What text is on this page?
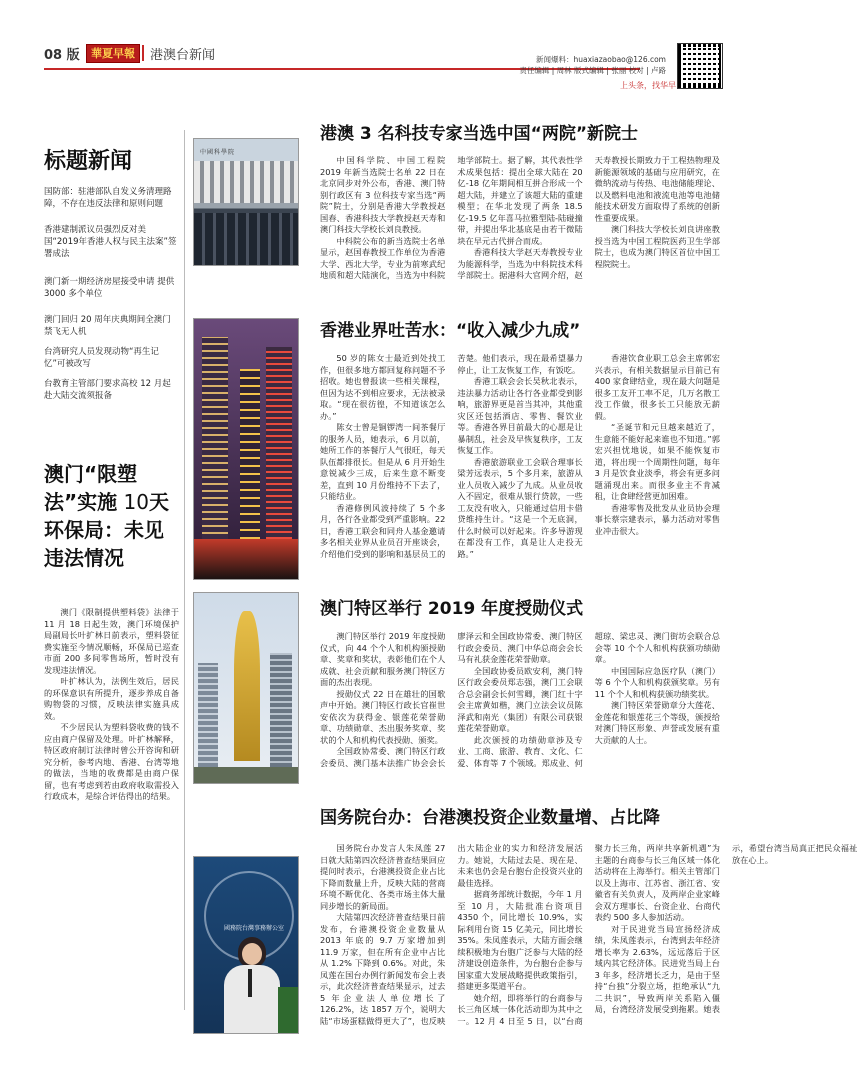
08 版	華夏早報	港澳台新闻	新闻爆料：huaxiazaobao@126.com
责任编辑 | 周林 版式编辑 | 张丽 校对 | 卢路
上头条，找华早
标题新闻
国防部：驻港部队自发义务清理路障，不存在违反法律和原则问题
香港建制派议员强烈反对美国“2019年香港人权与民主法案”签署成法
澳门新一期经济房屋接受申请 提供 3000 多个单位
澳门回归 20 周年庆典期间全澳门禁飞无人机
台湾研究人员发现动物“再生记忆”可被改写
台教育主管部门要求高校 12 月起赴大陆交流须报备
澳门“限塑法”实施 10天 环保局：未见违法情况

澳门《限制提供塑料袋》法律于 11 月 18 日起生效，澳门环境保护局副局长叶扩林日前表示，塑料袋征费实施至今情况顺畅，环保局已巡查市面 200 多间零售场所，暂时没有发现违法情况。

叶扩林认为，法例生效后，居民的环保意识有所提升，逐步养成自备购物袋的习惯，反映法律实施具成效。

不少居民认为塑料袋收费的钱不应由商户保留及处理。叶扩林解释，特区政府制订法律时曾公开咨询和研究分析，参考内地、香港、台湾等地的做法，当地的收费都是由商户保留，也有考虑到若由政府收取需投入行政成本，是综合评估得出的结果。

中國科學院
港澳 3 名科技专家当选中国“两院”新院士

中国科学院、中国工程院 2019 年新当选院士名单 22 日在北京同步对外公布，香港、澳门特别行政区有 3 位科技专家当选“两院”院士，分别是香港大学教授赵国春、香港科技大学教授赵天寿和澳门科技大学校长刘良教授。

中科院公布的新当选院士名单显示，赵国春教授工作单位为香港大学、西北大学，专业为前寒武纪地质和超大陆演化，当选为中科院地学部院士。据了解，其代表性学术成果包括：提出全球大陆在 20 亿-18 亿年期间相互拼合形成一个超大陆，并建立了该超大陆的重建模型；在华北发现了两条 18.5 亿-19.5 亿年喜马拉雅型陆-陆碰撞带，并提出华北基底是由若干微陆块在早元古代拼合而成。

香港科技大学赵天寿教授专业为能源科学，当选为中科院技术科学部院士。据港科大官网介绍，赵天寿教授长期致力于工程热物理及新能源领域的基础与应用研究，在微纳流动与传热、电池储能理论、以及燃料电池和液流电池等电池储能技术研发方面取得了系统的创新性重要成果。

澳门科技大学校长刘良讲座教授当选为中国工程院医药卫生学部院士，也成为澳门特区首位中国工程院院士。

香港业界吐苦水：“收入减少九成”

50 岁的陈女士最近到处找工作，但很多地方都回复称问题不予招收。她也曾报读一些相关课程，但因为达不到相应要求，无法被录取。“现在很彷徨，不知道该怎么办。”

陈女士曾是铜锣湾一间茶餐厅的服务人员，她表示，6 月以前，她所工作的茶餐厅人气很旺，每天队伍都排很长。但是从 6 月开始生意锐减少三成，后来生意不断变差，直到 10 月份维持不下去了，只能结业。

香港修例风波持续了 5 个多月，各行各业都受到严重影响。22 日，香港工联会和同舟人基金邀请多名相关业界从业员召开座谈会，介绍他们受到的影响和基层员工的苦楚。他们表示，现在最希望暴力停止，让工友恢复工作，有饭吃。

香港工联会会长吴秋北表示，违法暴力活动让各行各业都受到影响，旅游界更是首当其冲，其他重灾区还包括酒店、零售、餐饮业等。香港各界目前最大的心愿是让暴制乱，社会及早恢复秩序，工友恢复工作。

香港旅游联业工会联合理事长梁芳远表示，5 个多月来，旅游从业人员收入减少了九成。从业员收入不固定，很难从银行贷款，一些工友没有收入，只能通过信用卡借贷维持生计。“这是一个无底洞，什么时候可以好起来。许多导游现在都没有工作，真是让人走投无路。”

香港饮食业职工总会主席郭宏兴表示，有相关数据显示目前已有 400 家食肆结业，现在最大问题是很多工友开工率不足，几万名散工没工作做，很多长工只能放无薪假。

“圣诞节和元旦越来越近了，生意能不能好起来谁也不知道。”郭宏兴担忧地说，如果不能恢复市道，将出现一个周期性问题，每年 3 月是饮食业淡季，将会有更多问题涌现出来。而很多业主不肯减租，让食肆经营更加困难。

香港零售及批发从业员协会理事长蔡宗建表示，暴力活动对零售业冲击很大。

澳门特区举行 2019 年度授勋仪式

澳门特区举行 2019 年度授勋仪式，向 44 个个人和机构颁授勋章、奖章和奖状，表彰他们在个人成就、社会贡献和服务澳门特区方面的杰出表现。

授勋仪式 22 日在雄壮的国歌声中开始。澳门特区行政长官崔世安依次为获得金、银莲花荣誉勋章、功绩勋章、杰出服务奖章、奖状的个人和机构代表授勋、颁奖。

全国政协常委、澳门特区行政会委员、澳门基本法推广协会会长廖泽云和全国政协常委、澳门特区行政会委员、澳门中华总商会会长马有礼获金莲花荣誉勋章。

全国政协委员欧安利，澳门特区行政会委员郑志强，澳门工会联合总会副会长何雪卿，澳门红十字会主席黄如楷，澳门立法会议员陈泽武和南光（集团）有限公司获银莲花荣誉勋章。

此次颁授的功绩勋章涉及专业、工商、旅游、教育、文化、仁爱、体育等 7 个领域。郑成业、何超琼、梁忠灵、澳门街坊会联合总会等 10 个个人和机构获颁功绩勋章。

中国国际应急医疗队（澳门）等 6 个个人和机构获颁奖章。另有 11 个个人和机构获颁功绩奖状。

澳门特区荣誉勋章分大莲花、金莲花和银莲花三个等级，颁授给对澳门特区形象、声誉或发展有重大贡献的人士。

國務院台灣事務辦公室
国务院台办：台港澳投资企业数量增、占比降

国务院台办发言人朱凤莲 27 日就大陆第四次经济普查结果回应提问时表示，台港澳投资企业占比下降而数量上升，反映大陆的营商环境不断优化、各类市场主体大量同步增长的新局面。

大陆第四次经济普查结果日前发布，台港澳投资企业数量从 2013 年底的 9.7 万家增加到 11.9 万家，但在所有企业中占比从 1.2% 下降到 0.6%。对此，朱凤莲在国台办例行新闻发布会上表示，此次经济普查结果显示，过去 5 年企业法人单位增长了 126.2%，达 1857 万个，说明大陆“市场蛋糕做得更大了”，也反映出大陆企业的实力和经济发展活力。她说，大陆过去是、现在是、未来也仍会是台胞台企投资兴业的最佳选择。

据商务部统计数据，今年 1 月至 10 月，大陆批准台资项目 4350 个，同比增长 10.9%，实际利用台资 15 亿美元，同比增长 35%。朱凤莲表示，大陆方面会继续积极地为台胞广泛参与大陆的经济建设创造条件，为台胞台企参与国家重大发展战略提供政策指引，搭建更多渠道平台。

她介绍，即将举行的台商参与长三角区域一体化活动即为其中之一。12 月 4 日至 5 日，以“台商聚力长三角，两岸共享新机遇”为主题的台商参与长三角区域一体化活动将在上海举行。相关主管部门以及上海市、江苏省、浙江省、安徽省有关负责人，及两岸企业家峰会双方理事长、台资企业、台商代表约 500 多人参加活动。

对于民进党当局宣扬经济成绩，朱凤莲表示，台湾到去年经济增长率为 2.63%，远远落后于区域内其它经济体。民进党当局上台 3 年多，经济增长乏力，是由于坚持“台独”分裂立场，拒绝承认“九二共识”，导致两岸关系陷入僵局，台湾经济发展受到拖累。她表示，希望台湾当局真正把民众福祉放在心上。
